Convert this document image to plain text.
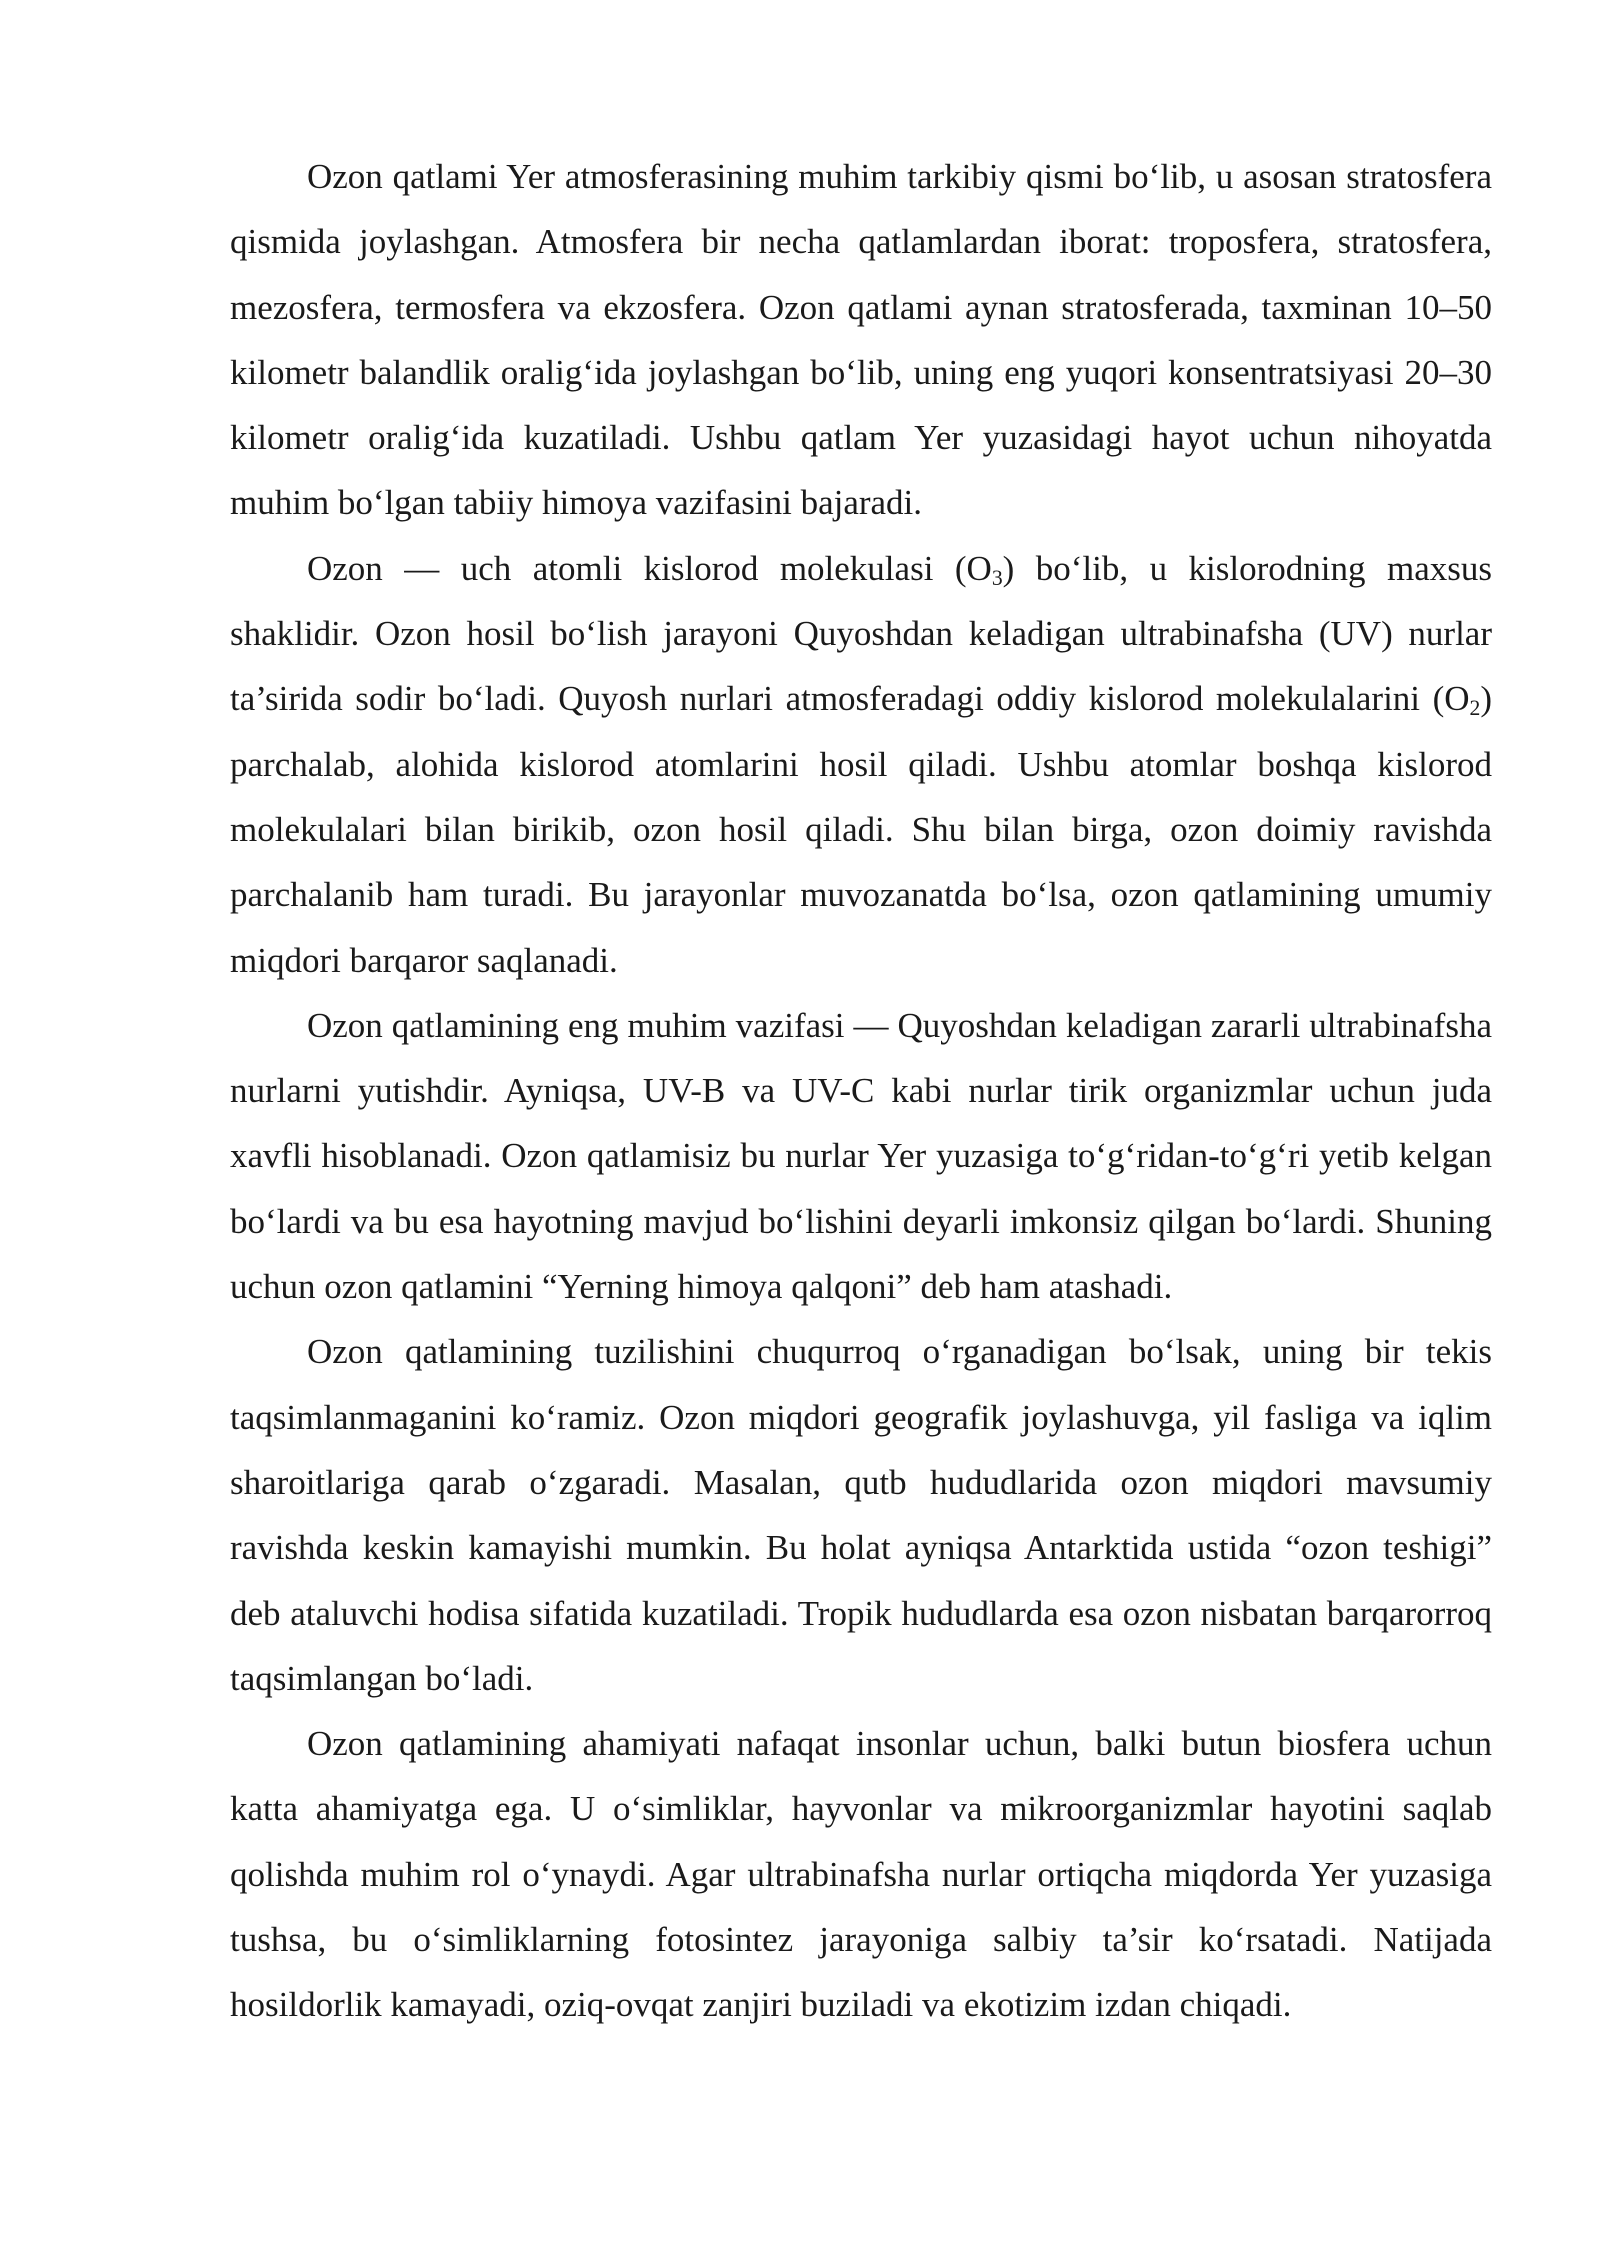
Ozon qatlami Yer atmosferasining muhim tarkibiy qismi bo‘lib, u asosan stratosfera qismida joylashgan. Atmosfera bir necha qatlamlardan iborat: troposfera, stratosfera, mezosfera, termosfera va ekzosfera. Ozon qatlami aynan stratosferada, taxminan 10–50 kilometr balandlik oralig‘ida joylashgan bo‘lib, uning eng yuqori konsentratsiyasi 20–30 kilometr oralig‘ida kuzatiladi. Ushbu qatlam Yer yuzasidagi hayot uchun nihoyatda muhim bo‘lgan tabiiy himoya vazifasini bajaradi.

Ozon — uch atomli kislorod molekulasi $(O_3)$ bo‘lib, u kislorodning maxsus shaklidir. Ozon hosil bo‘lish jarayoni Quyoshdan keladigan ultrabinafsha (UV) nurlar ta’sirida sodir bo‘ladi. Quyosh nurlari atmosferadagi oddiy kislorod molekulalarini $(O_2)$ parchalab, alohida kislorod atomlarini hosil qiladi. Ushbu atomlar boshqa kislorod molekulalari bilan birikib, ozon hosil qiladi. Shu bilan birga, ozon doimiy ravishda parchalanib ham turadi. Bu jarayonlar muvozanatda bo‘lsa, ozon qatlamining umumiy miqdori barqaror saqlanadi.

Ozon qatlamining eng muhim vazifasi — Quyoshdan keladigan zararli ultrabinafsha nurlarni yutishdir. Ayniqsa, UV-B va UV-C kabi nurlar tirik organizmlar uchun juda xavfli hisoblanadi. Ozon qatlamisiz bu nurlar Yer yuzasiga to‘g‘ridan-to‘g‘ri yetib kelgan bo‘lardi va bu esa hayotning mavjud bo‘lishini deyarli imkonsiz qilgan bo‘lardi. Shuning uchun ozon qatlamini “Yerning himoya qalqoni” deb ham atashadi.

Ozon qatlamining tuzilishini chuqurroq o‘rganadigan bo‘lsak, uning bir tekis taqsimlanmaganini ko‘ramiz. Ozon miqdori geografik joylashuvga, yil fasliga va iqlim sharoitlariga qarab o‘zgaradi. Masalan, qutb hududlarida ozon miqdori mavsumiy ravishda keskin kamayishi mumkin. Bu holat ayniqsa Antarktida ustida “ozon teshigi” deb ataluvchi hodisa sifatida kuzatiladi. Tropik hududlarda esa ozon nisbatan barqarorroq taqsimlangan bo‘ladi.

Ozon qatlamining ahamiyati nafaqat insonlar uchun, balki butun biosfera uchun katta ahamiyatga ega. U o‘simliklar, hayvonlar va mikroorganizmlar hayotini saqlab qolishda muhim rol o‘ynaydi. Agar ultrabinafsha nurlar ortiqcha miqdorda Yer yuzasiga tushsa, bu o‘simliklarning fotosintez jarayoniga salbiy ta’sir ko‘rsatadi. Natijada hosildorlik kamayadi, oziq-ovqat zanjiri buziladi va ekotizim izdan chiqadi.
